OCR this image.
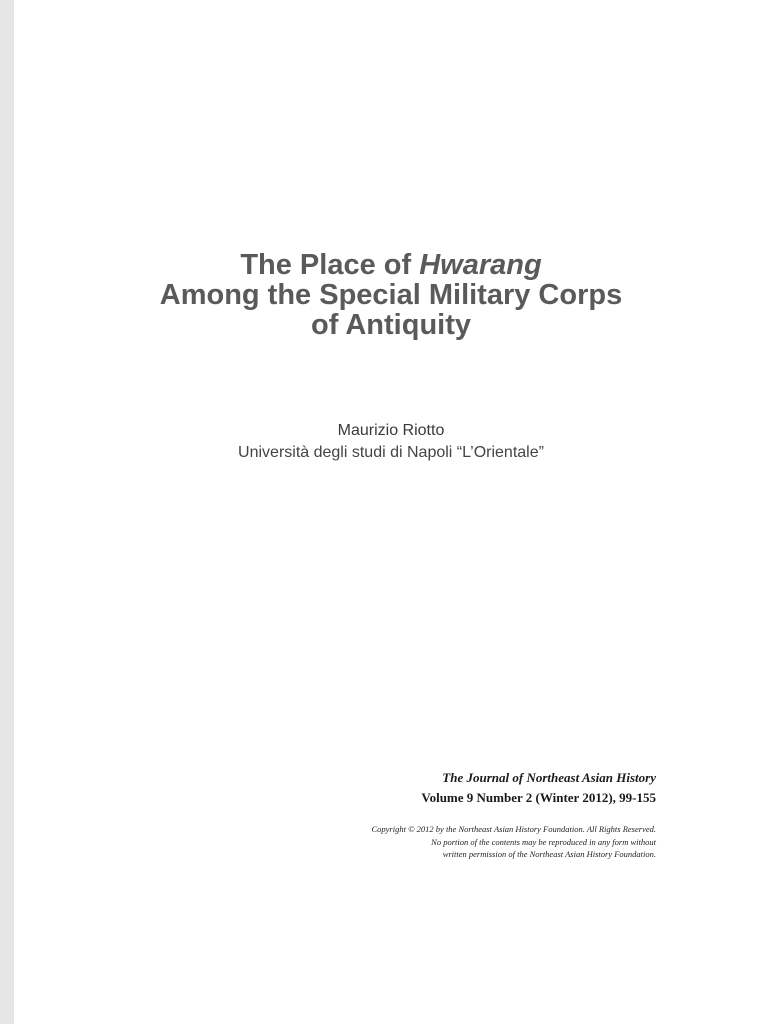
The Place of Hwarang
Among the Special Military Corps
of Antiquity
Maurizio Riotto
Università degli studi di Napoli “L’Orientale”
The Journal of Northeast Asian History
Volume 9 Number 2 (Winter 2012), 99-155
Copyright © 2012 by the Northeast Asian History Foundation. All Rights Reserved.
No portion of the contents may be reproduced in any form without
written permission of the Northeast Asian History Foundation.
